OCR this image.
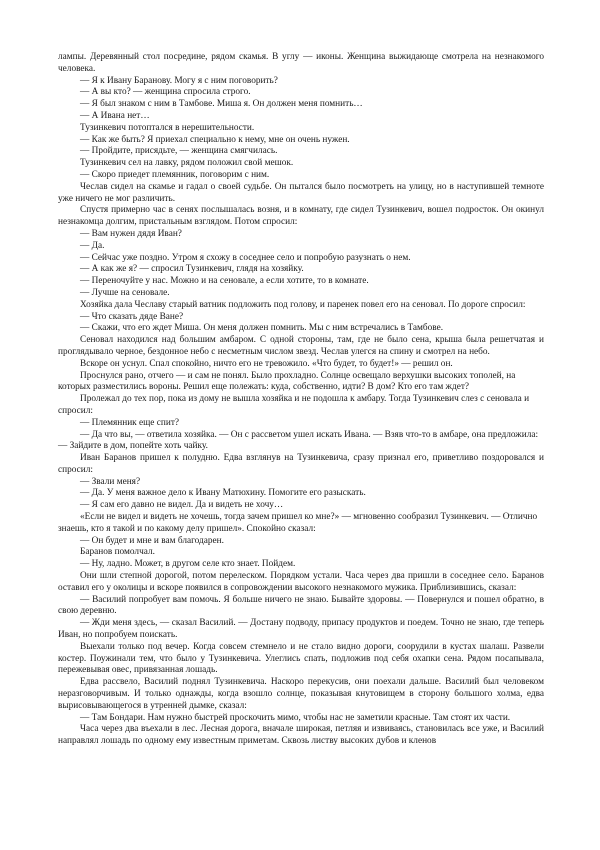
лампы. Деревянный стол посредине, рядом скамья. В углу — иконы. Женщина выжидающе смотрела на незнакомого человека.

— Я к Ивану Баранову. Могу я с ним поговорить?

— А вы кто? — женщина спросила строго.

— Я был знаком с ним в Тамбове. Миша я. Он должен меня помнить…

— А Ивана нет…

Тузинкевич потоптался в нерешительности.

— Как же быть? Я приехал специально к нему, мне он очень нужен.

— Пройдите, присядьте, — женщина смягчилась.

Тузинкевич сел на лавку, рядом положил свой мешок.

— Скоро приедет племянник, поговорим с ним.

Чеслав сидел на скамье и гадал о своей судьбе. Он пытался было посмотреть на улицу, но в наступившей темноте уже ничего не мог различить.

Спустя примерно час в сенях послышалась возня, и в комнату, где сидел Тузинкевич, вошел подросток. Он окинул незнакомца долгим, пристальным взглядом. Потом спросил:

— Вам нужен дядя Иван?

— Да.

— Сейчас уже поздно. Утром я схожу в соседнее село и попробую разузнать о нем.

— А как же я? — спросил Тузинкевич, глядя на хозяйку.

— Переночуйте у нас. Можно и на сеновале, а если хотите, то в комнате.

— Лучше на сеновале.

Хозяйка дала Чеславу старый ватник подложить под голову, и паренек повел его на сеновал. По дороге спросил:

— Что сказать дяде Ване?

— Скажи, что его ждет Миша. Он меня должен помнить. Мы с ним встречались в Тамбове.

Сеновал находился над большим амбаром. С одной стороны, там, где не было сена, крыша была решетчатая и проглядывало черное, бездонное небо с несметным числом звезд. Чеслав улегся на спину и смотрел на небо.

Вскоре он уснул. Спал спокойно, ничто его не тревожило. «Что будет, то будет!» — решил он.

Проснулся рано, отчего — и сам не понял. Было прохладно. Солнце освещало верхушки высоких тополей, на которых разместились вороны. Решил еще полежать: куда, собственно, идти? В дом? Кто его там ждет?

Пролежал до тех пор, пока из дому не вышла хозяйка и не подошла к амбару. Тогда Тузинкевич слез с сеновала и спросил:

— Племянник еще спит?

— Да что вы, — ответила хозяйка. — Он с рассветом ушел искать Ивана. — Взяв что-то в амбаре, она предложила: — Зайдите в дом, попейте хоть чайку.

Иван Баранов пришел к полудню. Едва взглянув на Тузинкевича, сразу признал его, приветливо поздоровался и спросил:

— Звали меня?

— Да. У меня важное дело к Ивану Матюхину. Помогите его разыскать.

— Я сам его давно не видел. Да и видеть не хочу…

«Если не видел и видеть не хочешь, тогда зачем пришел ко мне?» — мгновенно сообразил Тузинкевич. — Отлично знаешь, кто я такой и по какому делу пришел». Спокойно сказал:

— Он будет и мне и вам благодарен.

Баранов помолчал.

— Ну, ладно. Может, в другом селе кто знает. Пойдем.

Они шли степной дорогой, потом перелеском. Порядком устали. Часа через два пришли в соседнее село. Баранов оставил его у околицы и вскоре появился в сопровождении высокого незнакомого мужика. Приблизившись, сказал:

— Василий попробует вам помочь. Я больше ничего не знаю. Бывайте здоровы. — Повернулся и пошел обратно, в свою деревню.

— Жди меня здесь, — сказал Василий. — Достану подводу, припасу продуктов и поедем. Точно не знаю, где теперь Иван, но попробуем поискать.

Выехали только под вечер. Когда совсем стемнело и не стало видно дороги, соорудили в кустах шалаш. Развели костер. Поужинали тем, что было у Тузинкевича. Улеглись спать, подложив под себя охапки сена. Рядом посапывала, пережевывая овес, привязанная лошадь.

Едва рассвело, Василий поднял Тузинкевича. Наскоро перекусив, они поехали дальше. Василий был человеком неразговорчивым. И только однажды, когда взошло солнце, показывая кнутовищем в сторону большого холма, едва вырисовывающегося в утренней дымке, сказал:

— Там Бондари. Нам нужно быстрей проскочить мимо, чтобы нас не заметили красные. Там стоят их части.

Часа через два въехали в лес. Лесная дорога, вначале широкая, петляя и извиваясь, становилась все уже, и Василий направлял лошадь по одному ему известным приметам. Сквозь листву высоких дубов и кленов
